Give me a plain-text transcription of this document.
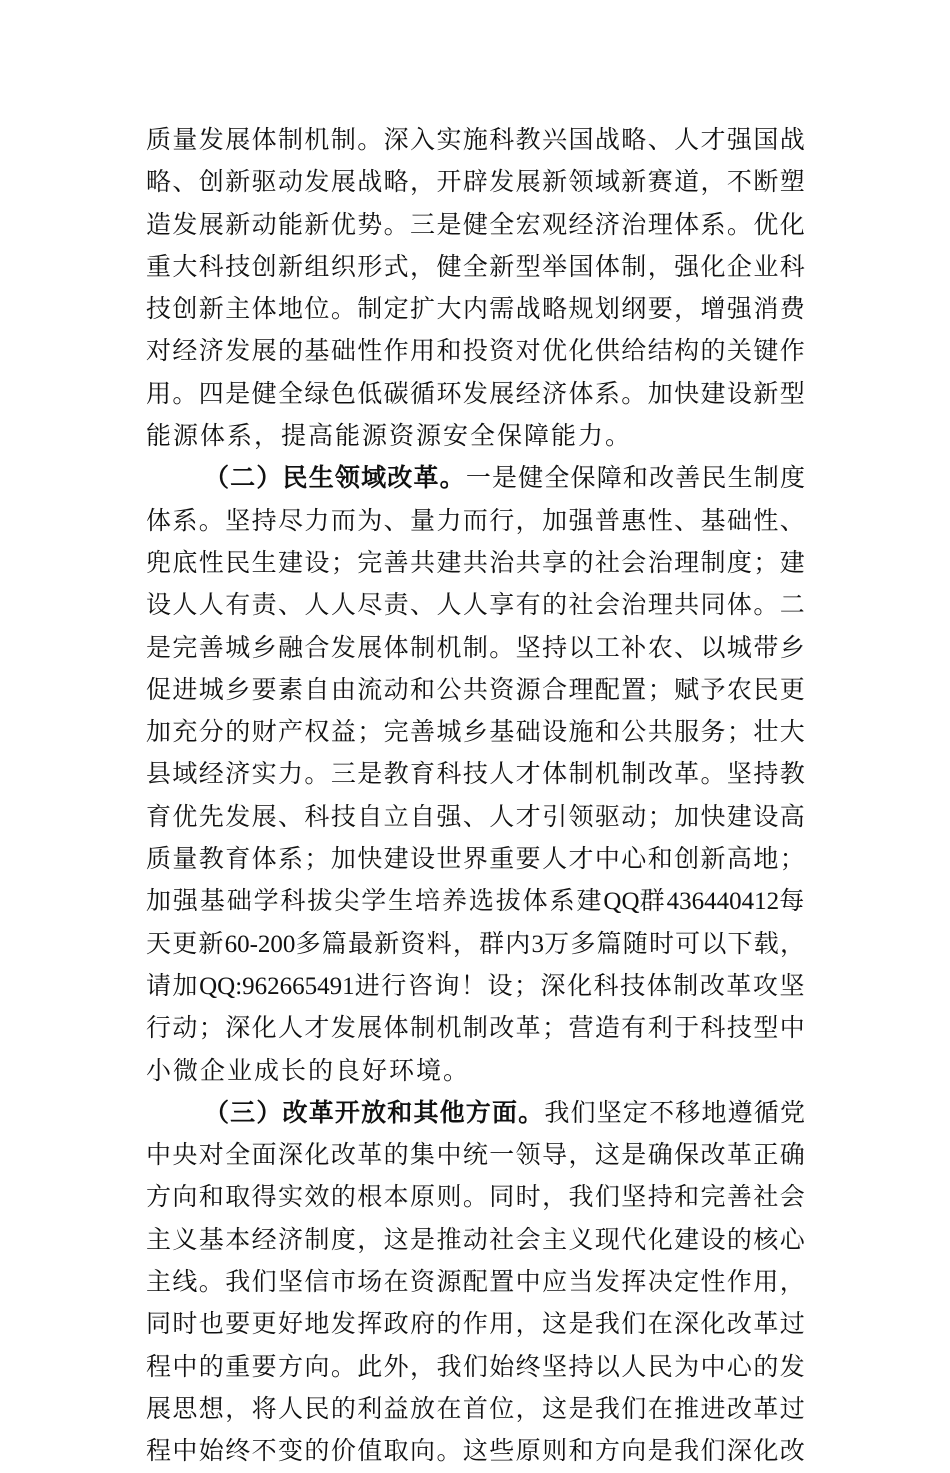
质量发展体制机制。深入实施科教兴国战略、人才强国战
略、创新驱动发展战略，开辟发展新领域新赛道，不断塑
造发展新动能新优势。三是健全宏观经济治理体系。优化
重大科技创新组织形式，健全新型举国体制，强化企业科
技创新主体地位。制定扩大内需战略规划纲要，增强消费
对经济发展的基础性作用和投资对优化供给结构的关键作
用。四是健全绿色低碳循环发展经济体系。加快建设新型
能源体系，提高能源资源安全保障能力。
（二）民生领域改革。一是健全保障和改善民生制度
体系。坚持尽力而为、量力而行，加强普惠性、基础性、
兜底性民生建设；完善共建共治共享的社会治理制度；建
设人人有责、人人尽责、人人享有的社会治理共同体。二
是完善城乡融合发展体制机制。坚持以工补农、以城带乡
促进城乡要素自由流动和公共资源合理配置；赋予农民更
加充分的财产权益；完善城乡基础设施和公共服务；壮大
县域经济实力。三是教育科技人才体制机制改革。坚持教
育优先发展、科技自立自强、人才引领驱动；加快建设高
质量教育体系；加快建设世界重要人才中心和创新高地；
加强基础学科拔尖学生培养选拔体系建QQ群436440412每
天更新60-200多篇最新资料，群内3万多篇随时可以下载，
请加QQ:962665491进行咨询！设；深化科技体制改革攻坚
行动；深化人才发展体制机制改革；营造有利于科技型中
小微企业成长的良好环境。
（三）改革开放和其他方面。我们坚定不移地遵循党
中央对全面深化改革的集中统一领导，这是确保改革正确
方向和取得实效的根本原则。同时，我们坚持和完善社会
主义基本经济制度，这是推动社会主义现代化建设的核心
主线。我们坚信市场在资源配置中应当发挥决定性作用，
同时也要更好地发挥政府的作用，这是我们在深化改革过
程中的重要方向。此外，我们始终坚持以人民为中心的发
展思想，将人民的利益放在首位，这是我们在推进改革过
程中始终不变的价值取向。这些原则和方向是我们深化改
